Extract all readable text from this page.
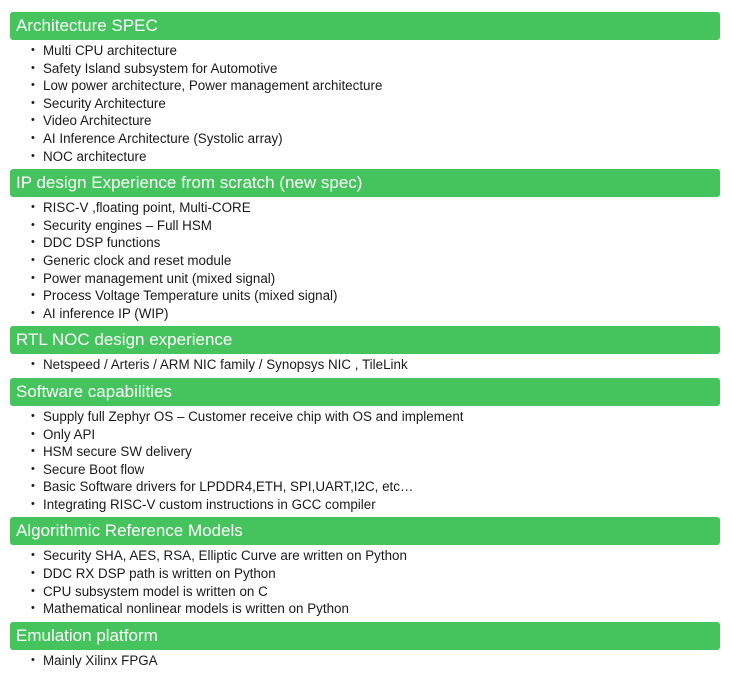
Architecture SPEC
• Multi CPU architecture
• Safety Island subsystem for Automotive
• Low power architecture, Power management architecture
• Security Architecture
• Video Architecture
• AI Inference Architecture (Systolic array)
• NOC architecture
IP design Experience from scratch (new spec)
• RISC-V ,floating point, Multi-CORE
• Security engines – Full HSM
• DDC DSP functions
• Generic clock and reset module
• Power management unit (mixed signal)
• Process Voltage Temperature units (mixed signal)
• AI inference IP (WIP)
RTL NOC design experience
• Netspeed / Arteris / ARM NIC family / Synopsys NIC , TileLink
Software capabilities
• Supply full Zephyr OS – Customer receive chip with OS and implement
• Only API
• HSM secure SW delivery
• Secure Boot flow
• Basic Software drivers for LPDDR4,ETH, SPI,UART,I2C, etc…
• Integrating RISC-V custom instructions in GCC compiler
Algorithmic Reference Models
• Security SHA, AES, RSA, Elliptic Curve are written on Python
• DDC RX DSP path is written on Python
• CPU subsystem model is written on C
• Mathematical nonlinear models is written on Python
Emulation platform
• Mainly Xilinx FPGA
